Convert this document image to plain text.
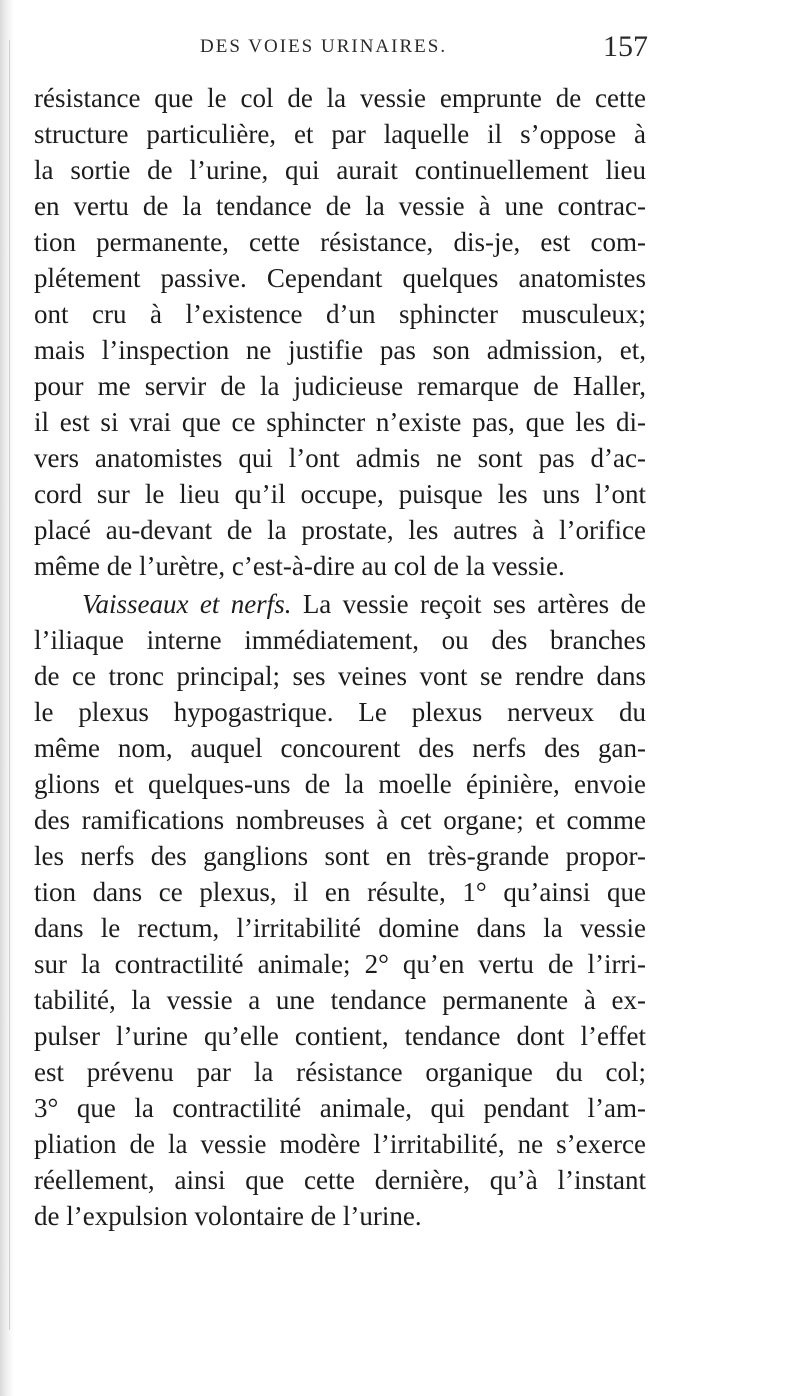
DES VOIES URINAIRES.	157
résistance que le col de la vessie emprunte de cette
structure particulière, et par laquelle il s’oppose à
la sortie de l’urine, qui aurait continuellement lieu
en vertu de la tendance de la vessie à une contrac-
tion permanente, cette résistance, dis-je, est com-
plétement passive. Cependant quelques anatomistes
ont cru à l’existence d’un sphincter musculeux;
mais l’inspection ne justifie pas son admission, et,
pour me servir de la judicieuse remarque de Haller,
il est si vrai que ce sphincter n’existe pas, que les di-
vers anatomistes qui l’ont admis ne sont pas d’ac-
cord sur le lieu qu’il occupe, puisque les uns l’ont
placé au-devant de la prostate, les autres à l’orifice
même de l’urètre, c’est-à-dire au col de la vessie.
Vaisseaux et nerfs. La vessie reçoit ses artères de
l’iliaque interne immédiatement, ou des branches
de ce tronc principal; ses veines vont se rendre dans
le plexus hypogastrique. Le plexus nerveux du
même nom, auquel concourent des nerfs des gan-
glions et quelques-uns de la moelle épinière, envoie
des ramifications nombreuses à cet organe; et comme
les nerfs des ganglions sont en très-grande propor-
tion dans ce plexus, il en résulte, 1° qu’ainsi que
dans le rectum, l’irritabilité domine dans la vessie
sur la contractilité animale; 2° qu’en vertu de l’irri-
tabilité, la vessie a une tendance permanente à ex-
pulser l’urine qu’elle contient, tendance dont l’effet
est prévenu par la résistance organique du col;
3° que la contractilité animale, qui pendant l’am-
pliation de la vessie modère l’irritabilité, ne s’exerce
réellement, ainsi que cette dernière, qu’à l’instant
de l’expulsion volontaire de l’urine.
